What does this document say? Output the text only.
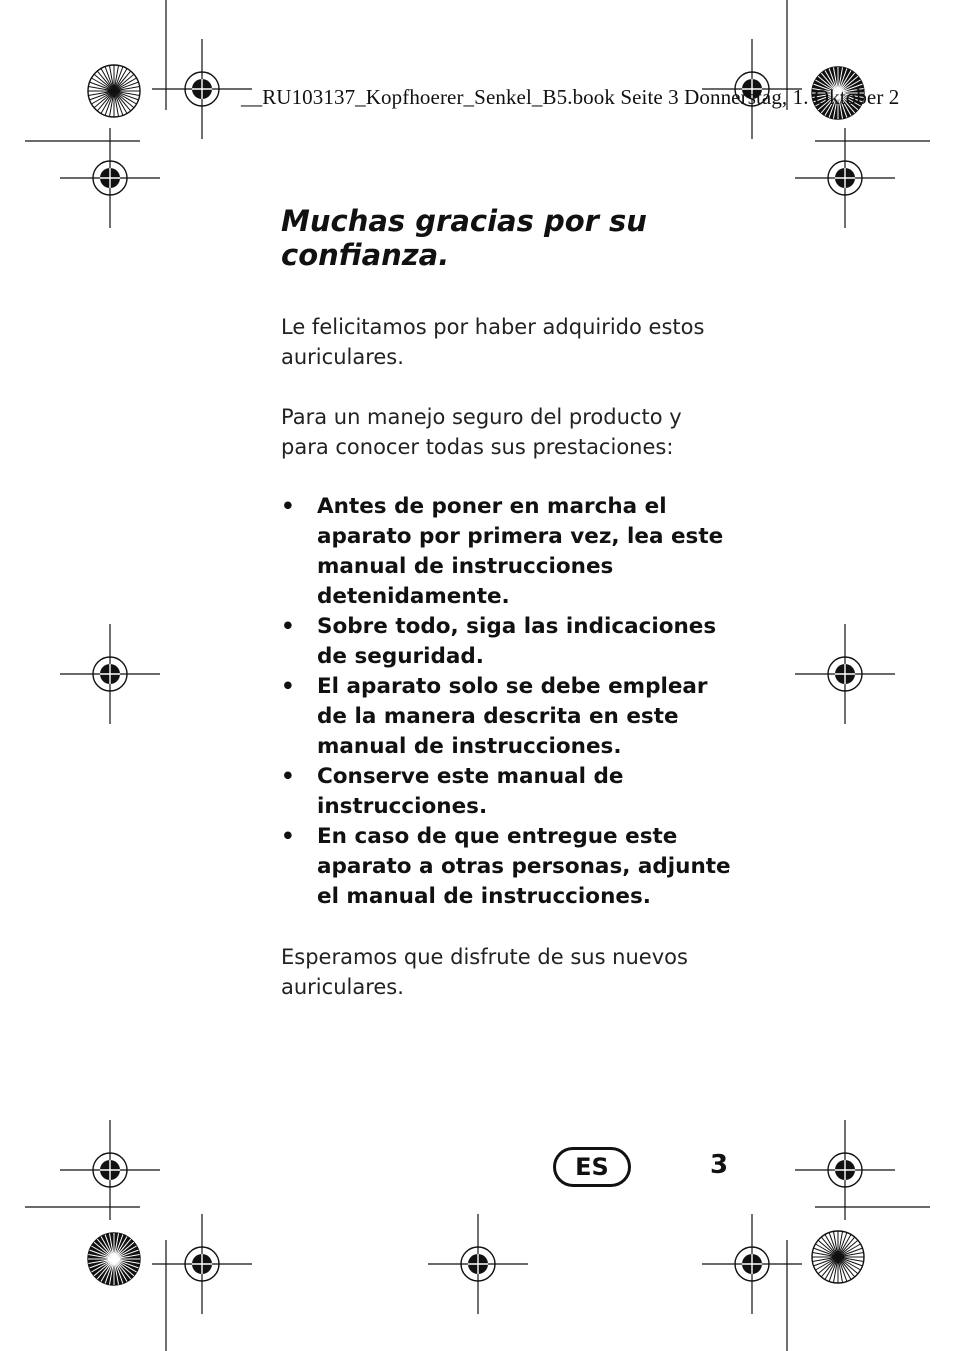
__RU103137_Kopfhoerer_Senkel_B5.book Seite 3 Donnerstag, 1. Oktober 2
Muchas gracias por su confianza.

Le felicitamos por haber adquirido estos auriculares.

Para un manejo seguro del producto y para conocer todas sus prestaciones:

• Antes de poner en marcha el aparato por primera vez, lea este manual de instrucciones detenidamente.
• Sobre todo, siga las indicaciones de seguridad.
• El aparato solo se debe emplear de la manera descrita en este manual de instrucciones.
• Conserve este manual de instrucciones.
• En caso de que entregue este aparato a otras personas, adjunte el manual de instrucciones.

Esperamos que disfrute de sus nuevos auriculares.

ES	3
